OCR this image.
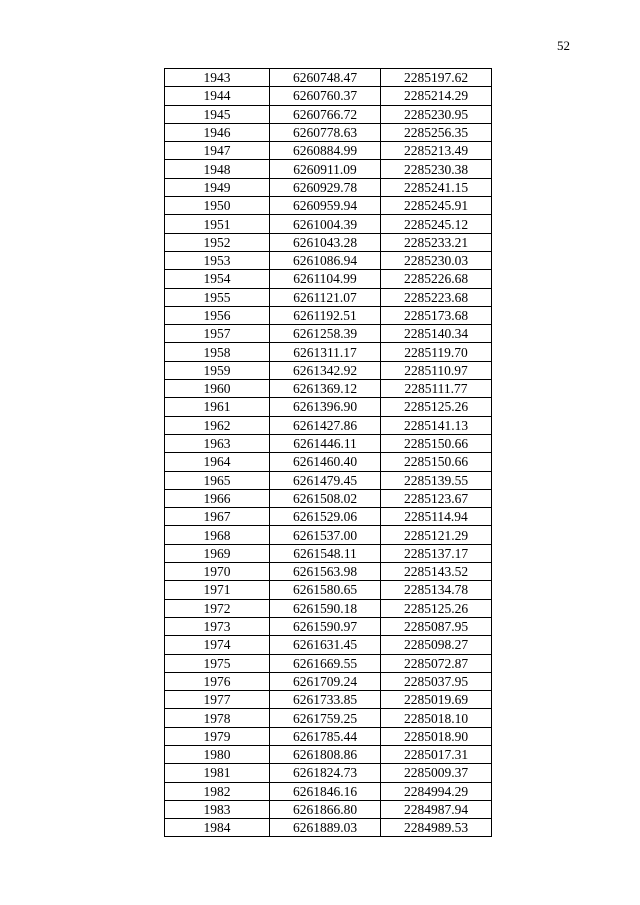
52
1943	6260748.47	2285197.62
1944	6260760.37	2285214.29
1945	6260766.72	2285230.95
1946	6260778.63	2285256.35
1947	6260884.99	2285213.49
1948	6260911.09	2285230.38
1949	6260929.78	2285241.15
1950	6260959.94	2285245.91
1951	6261004.39	2285245.12
1952	6261043.28	2285233.21
1953	6261086.94	2285230.03
1954	6261104.99	2285226.68
1955	6261121.07	2285223.68
1956	6261192.51	2285173.68
1957	6261258.39	2285140.34
1958	6261311.17	2285119.70
1959	6261342.92	2285110.97
1960	6261369.12	2285111.77
1961	6261396.90	2285125.26
1962	6261427.86	2285141.13
1963	6261446.11	2285150.66
1964	6261460.40	2285150.66
1965	6261479.45	2285139.55
1966	6261508.02	2285123.67
1967	6261529.06	2285114.94
1968	6261537.00	2285121.29
1969	6261548.11	2285137.17
1970	6261563.98	2285143.52
1971	6261580.65	2285134.78
1972	6261590.18	2285125.26
1973	6261590.97	2285087.95
1974	6261631.45	2285098.27
1975	6261669.55	2285072.87
1976	6261709.24	2285037.95
1977	6261733.85	2285019.69
1978	6261759.25	2285018.10
1979	6261785.44	2285018.90
1980	6261808.86	2285017.31
1981	6261824.73	2285009.37
1982	6261846.16	2284994.29
1983	6261866.80	2284987.94
1984	6261889.03	2284989.53
